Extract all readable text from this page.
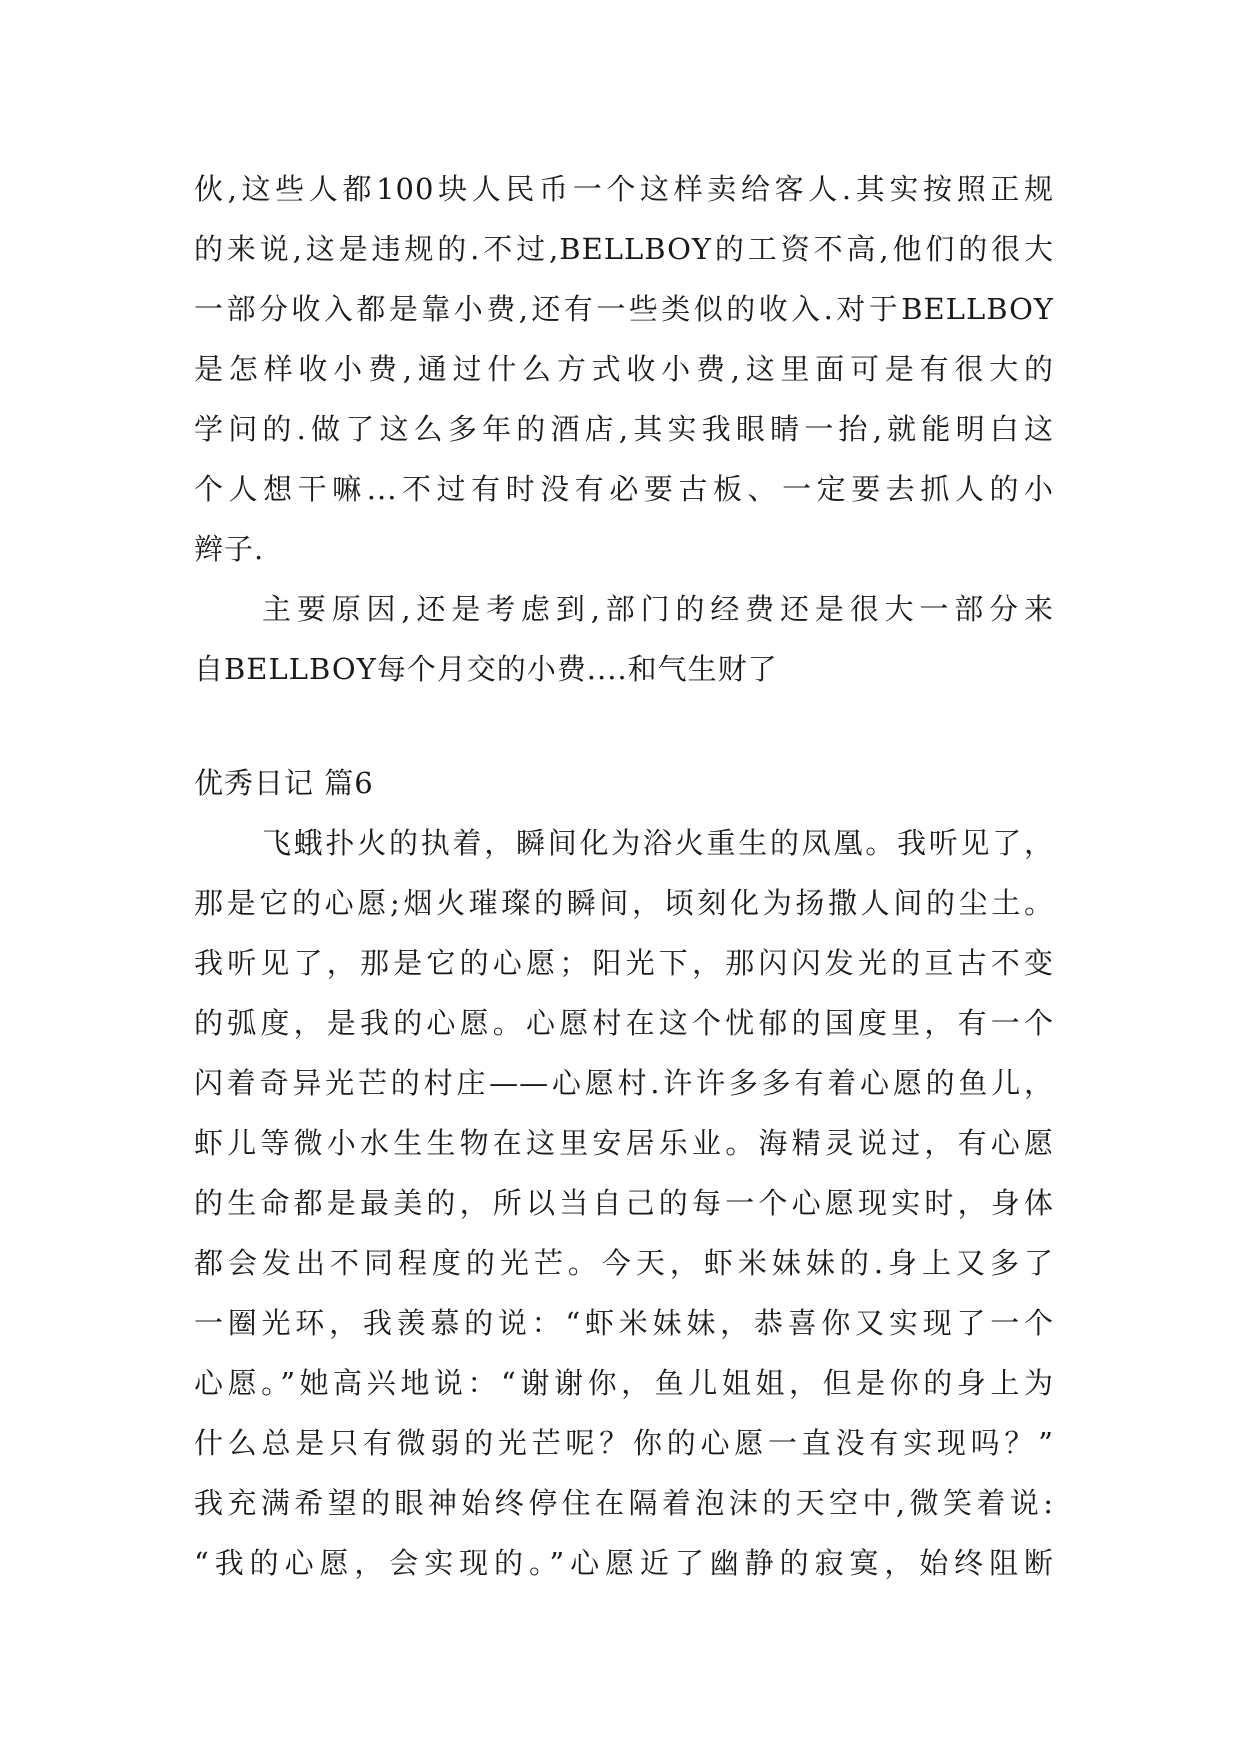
伙,这些人都100块人民币一个这样卖给客人.其实按照正规
的来说,这是违规的.不过,BELLBOY的工资不高,他们的很大
一部分收入都是靠小费,还有一些类似的收入.对于BELLBOY
是怎样收小费,通过什么方式收小费,这里面可是有很大的
学问的.做了这么多年的酒店,其实我眼睛一抬,就能明白这
个人想干嘛...不过有时没有必要古板、一定要去抓人的小
辫子.
主要原因,还是考虑到,部门的经费还是很大一部分来
自BELLBOY每个月交的小费....和气生财了
优秀日记 篇6
飞蛾扑火的执着，瞬间化为浴火重生的凤凰。我听见了，
那是它的心愿;烟火璀璨的瞬间，顷刻化为扬撒人间的尘土。
我听见了，那是它的心愿；阳光下，那闪闪发光的亘古不变
的弧度，是我的心愿。心愿村在这个忧郁的国度里，有一个
闪着奇异光芒的村庄——心愿村.许许多多有着心愿的鱼儿，
虾儿等微小水生生物在这里安居乐业。海精灵说过，有心愿
的生命都是最美的，所以当自己的每一个心愿现实时，身体
都会发出不同程度的光芒。今天，虾米妹妹的.身上又多了
一圈光环，我羡慕的说：“虾米妹妹，恭喜你又实现了一个
心愿。”她高兴地说：“谢谢你，鱼儿姐姐，但是你的身上为
什么总是只有微弱的光芒呢？你的心愿一直没有实现吗？”
我充满希望的眼神始终停住在隔着泡沫的天空中,微笑着说:
“我的心愿，会实现的。”心愿近了幽静的寂寞，始终阻断
